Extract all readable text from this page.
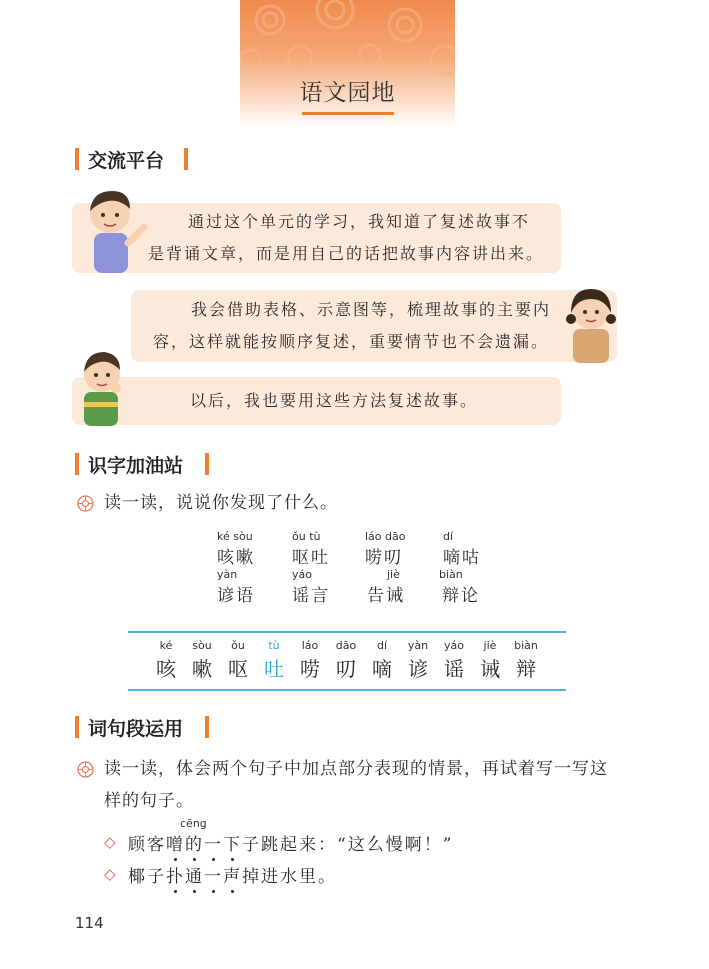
语文园地
交流平台
通过这个单元的学习，我知道了复述故事不
是背诵文章，而是用自己的话把故事内容讲出来。
我会借助表格、示意图等，梳理故事的主要内
容，这样就能按顺序复述，重要情节也不会遗漏。
以后，我也要用这些方法复述故事。
识字加油站
读一读，说说你发现了什么。
ké sòu
咳嗽
ǒu tù
呕吐
láo dāo
唠叨
dí
嘀咕
yàn
谚语
yáo
谣言
jiè
告诫
biàn
辩论
ké
咳
sòu
嗽
ǒu
呕
tù
吐
láo
唠
dāo
叨
dí
嘀
yàn
谚
yáo
谣
jiè
诫
biàn
辩
词句段运用
读一读，体会两个句子中加点部分表现的情景，再试着写一写这
样的句子。
◇
cēng
顾客噌的一下子跳起来：“这么慢啊！”
◇ 椰子扑通一声掉进水里。
114
